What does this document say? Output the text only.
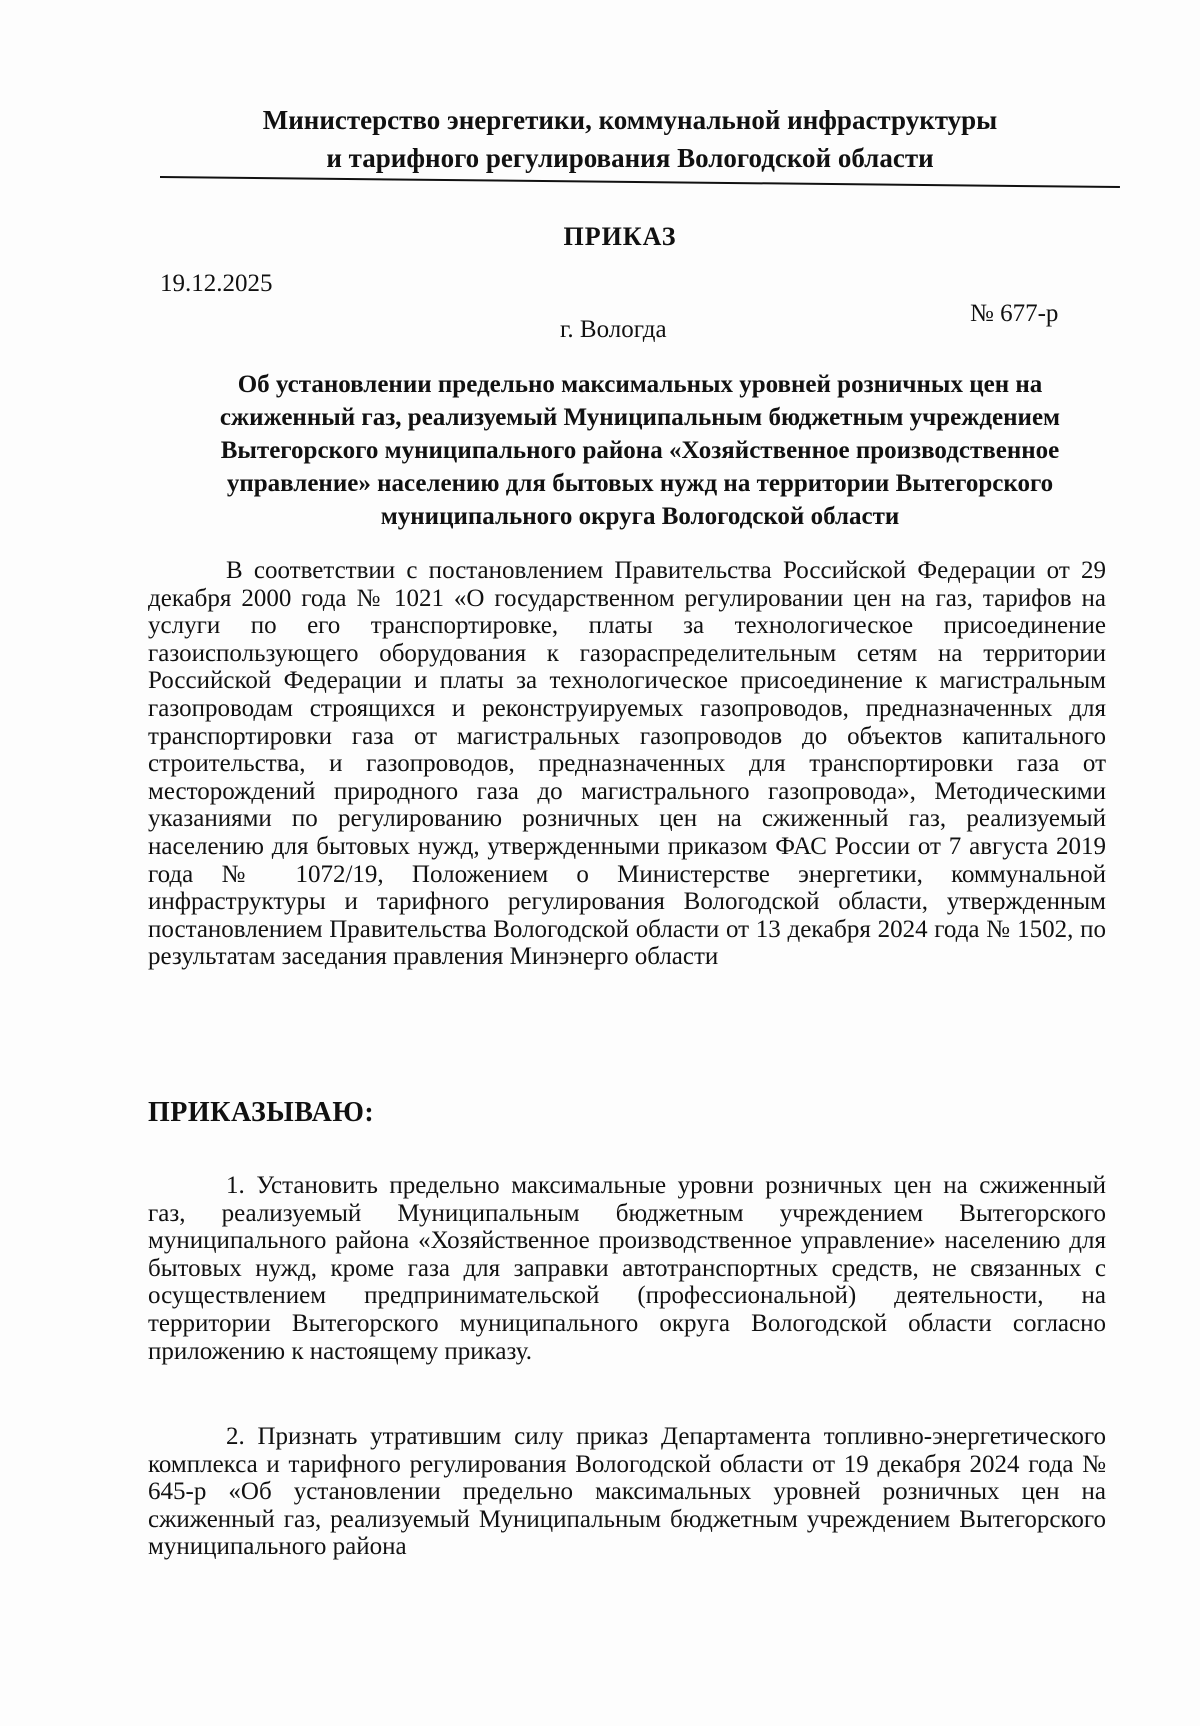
Министерство энергетики, коммунальной инфраструктуры
и тарифного регулирования Вологодской области
ПРИКАЗ
19.12.2025
№ 677-р
г. Вологда

Об установлении предельно максимальных уровней розничных цен на сжиженный газ, реализуемый Муниципальным бюджетным учреждением Вытегорского муниципального района «Хозяйственное производственное управление» населению для бытовых нужд на территории Вытегорского муниципального округа Вологодской области

В соответствии с постановлением Правительства Российской Федерации от 29 декабря 2000 года № 1021 «О государственном регулировании цен на газ, тарифов на услуги по его транспортировке, платы за технологическое присоединение газоиспользующего оборудования к газораспределительным сетям на территории Российской Федерации и платы за технологическое присоединение к магистральным газопроводам строящихся и реконструируемых газопроводов, предназначенных для транспортировки газа от магистральных газопроводов до объектов капитального строительства, и газопроводов, предназначенных для транспортировки газа от месторождений природного газа до магистрального газопровода», Методическими указаниями по регулированию розничных цен на сжиженный газ, реализуемый населению для бытовых нужд, утвержденными приказом ФАС России от 7 августа 2019 года № 1072/19, Положением о Министерстве энергетики, коммунальной инфраструктуры и тарифного регулирования Вологодской области, утвержденным постановлением Правительства Вологодской области от 13 декабря 2024 года № 1502, по результатам заседания правления Минэнерго области

ПРИКАЗЫВАЮ:

1. Установить предельно максимальные уровни розничных цен на сжиженный газ, реализуемый Муниципальным бюджетным учреждением Вытегорского муниципального района «Хозяйственное производственное управление» населению для бытовых нужд, кроме газа для заправки автотранспортных средств, не связанных с осуществлением предпринимательской (профессиональной) деятельности, на территории Вытегорского муниципального округа Вологодской области согласно приложению к настоящему приказу.

2. Признать утратившим силу приказ Департамента топливно-энергетического комплекса и тарифного регулирования Вологодской области от 19 декабря 2024 года № 645-р «Об установлении предельно максимальных уровней розничных цен на сжиженный газ, реализуемый Муниципальным бюджетным учреждением Вытегорского муниципального района
